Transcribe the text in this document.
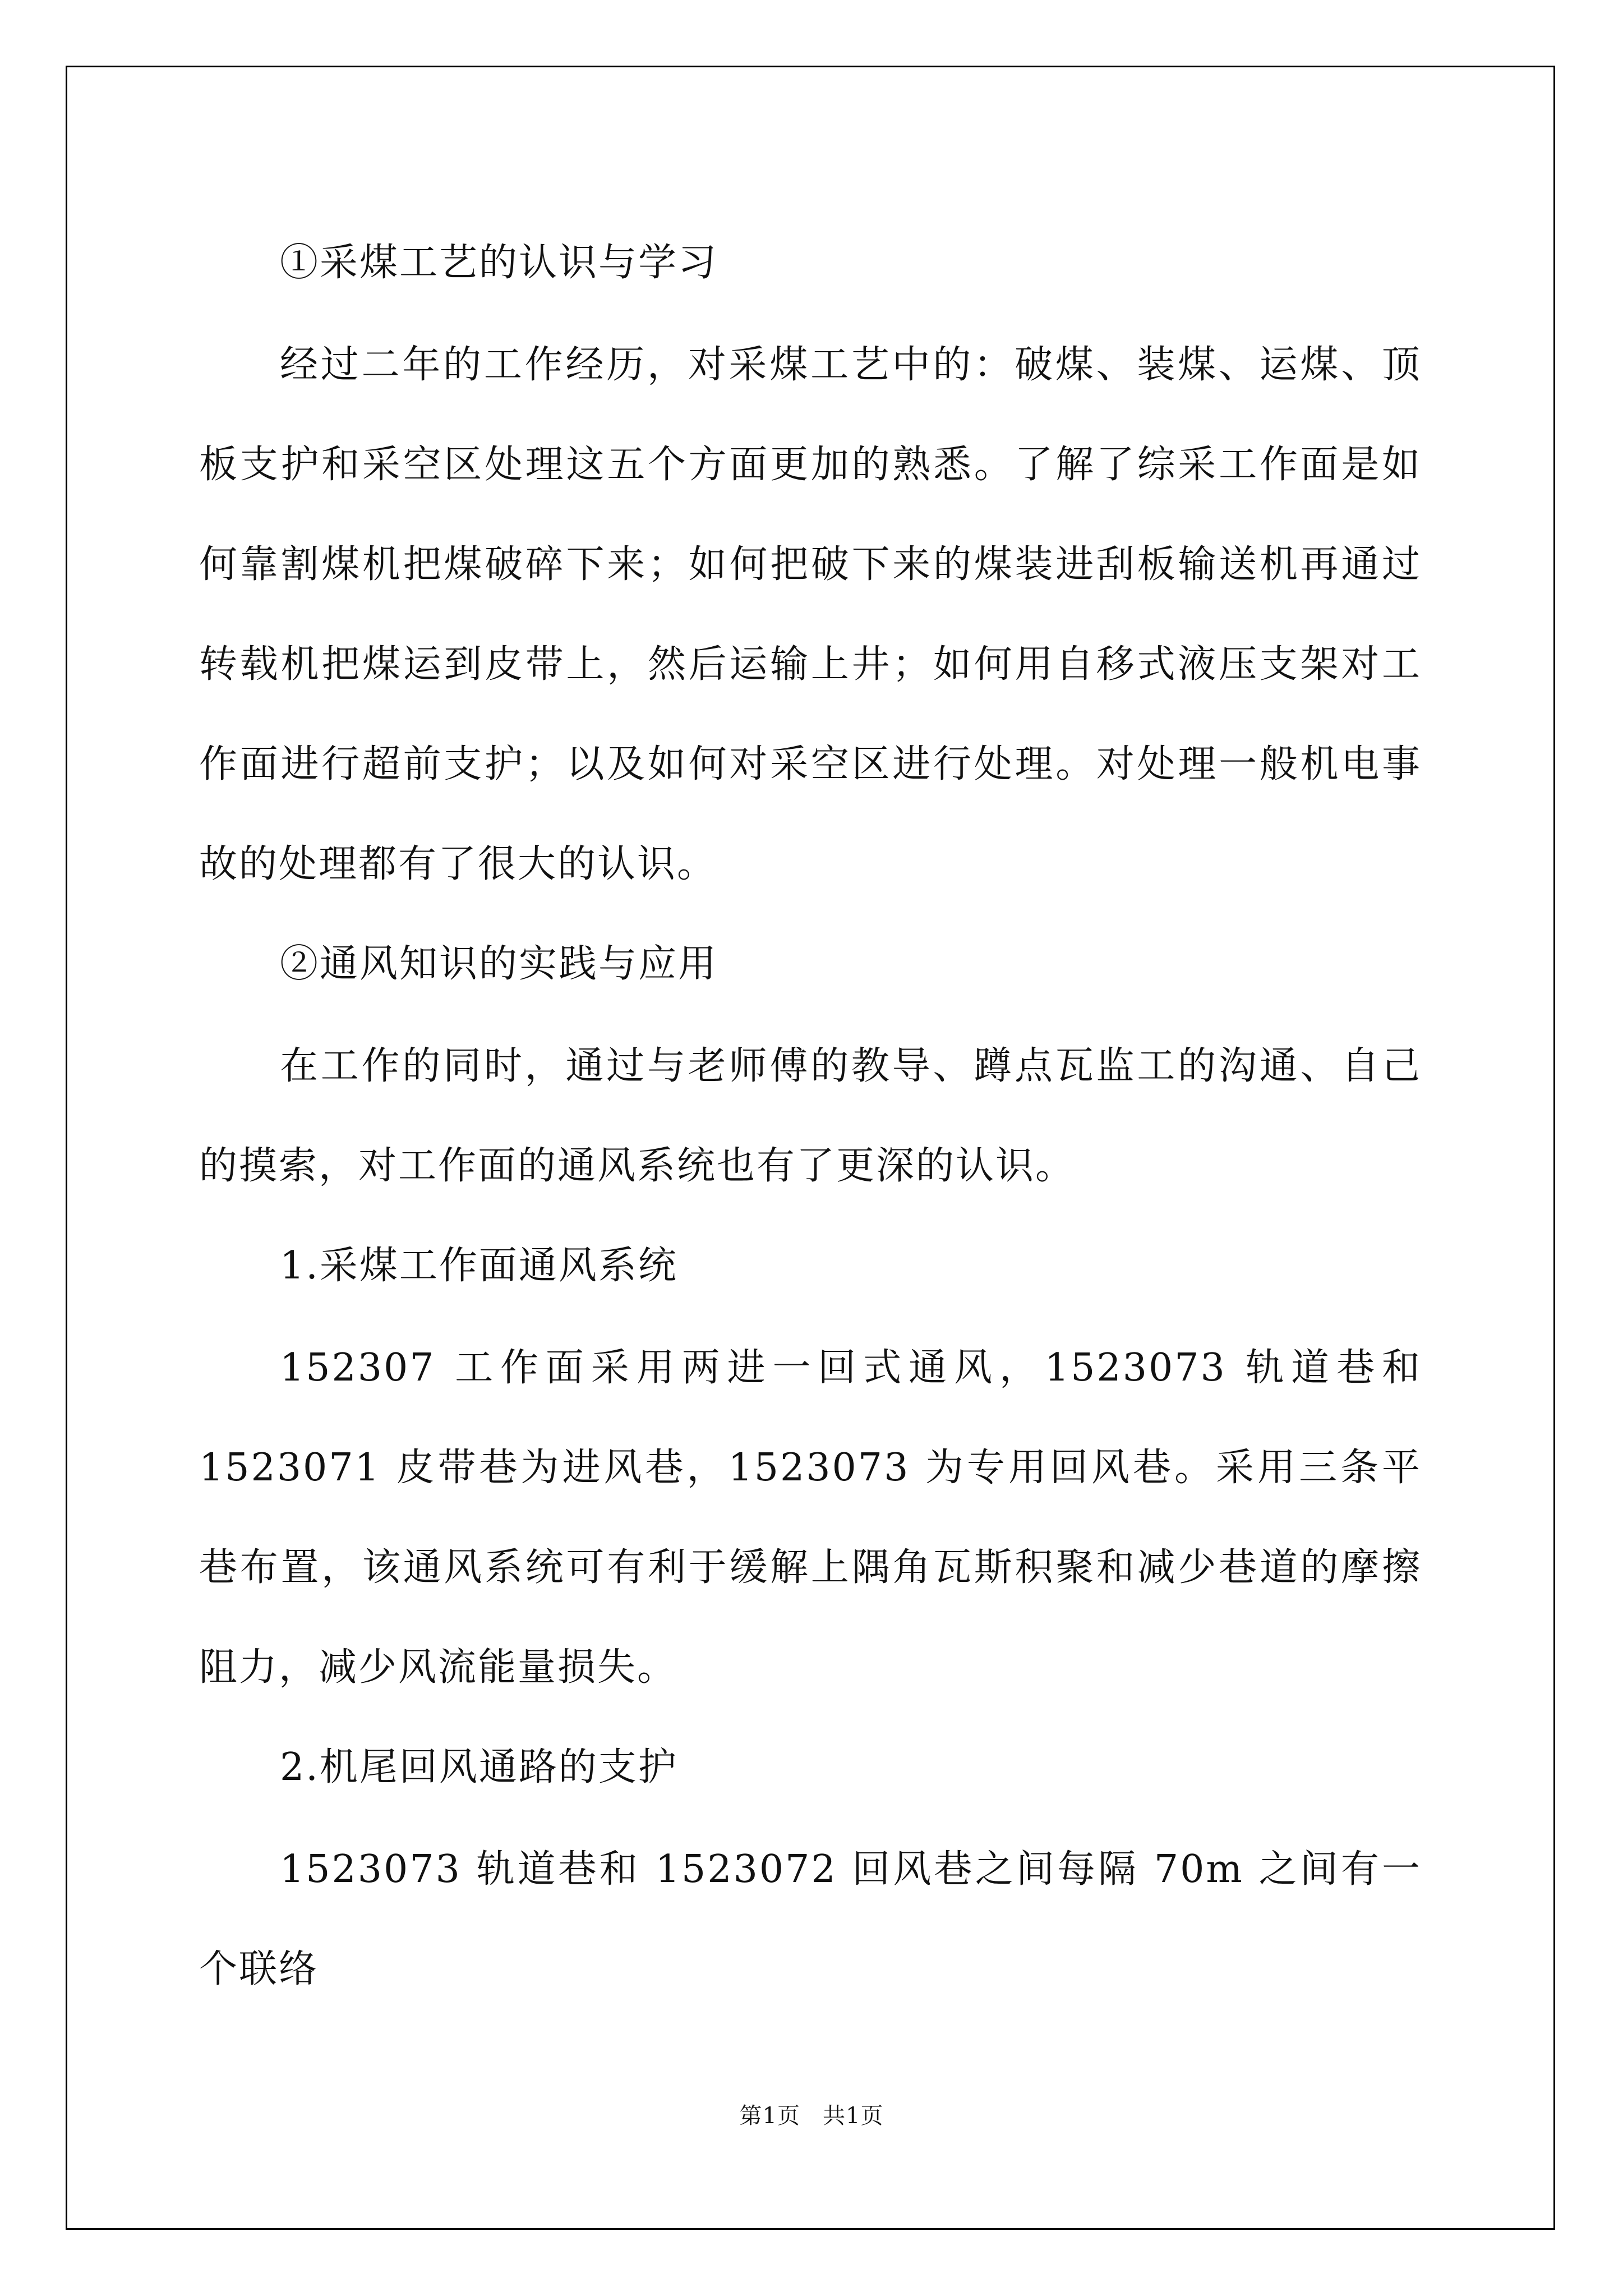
①采煤工艺的认识与学习

经过二年的工作经历，对采煤工艺中的：破煤、装煤、运煤、顶板支护和采空区处理这五个方面更加的熟悉。了解了综采工作面是如何靠割煤机把煤破碎下来；如何把破下来的煤装进刮板输送机再通过转载机把煤运到皮带上，然后运输上井；如何用自移式液压支架对工作面进行超前支护；以及如何对采空区进行处理。对处理一般机电事故的处理都有了很大的认识。

②通风知识的实践与应用

在工作的同时，通过与老师傅的教导、蹲点瓦监工的沟通、自己的摸索，对工作面的通风系统也有了更深的认识。

1.采煤工作面通风系统

152307 工作面采用两进一回式通风，1523073 轨道巷和 1523071 皮带巷为进风巷，1523073 为专用回风巷。采用三条平巷布置，该通风系统可有利于缓解上隅角瓦斯积聚和减少巷道的摩擦阻力，减少风流能量损失。

2.机尾回风通路的支护

1523073 轨道巷和 1523072 回风巷之间每隔 70m 之间有一个联络

第1页 共1页
